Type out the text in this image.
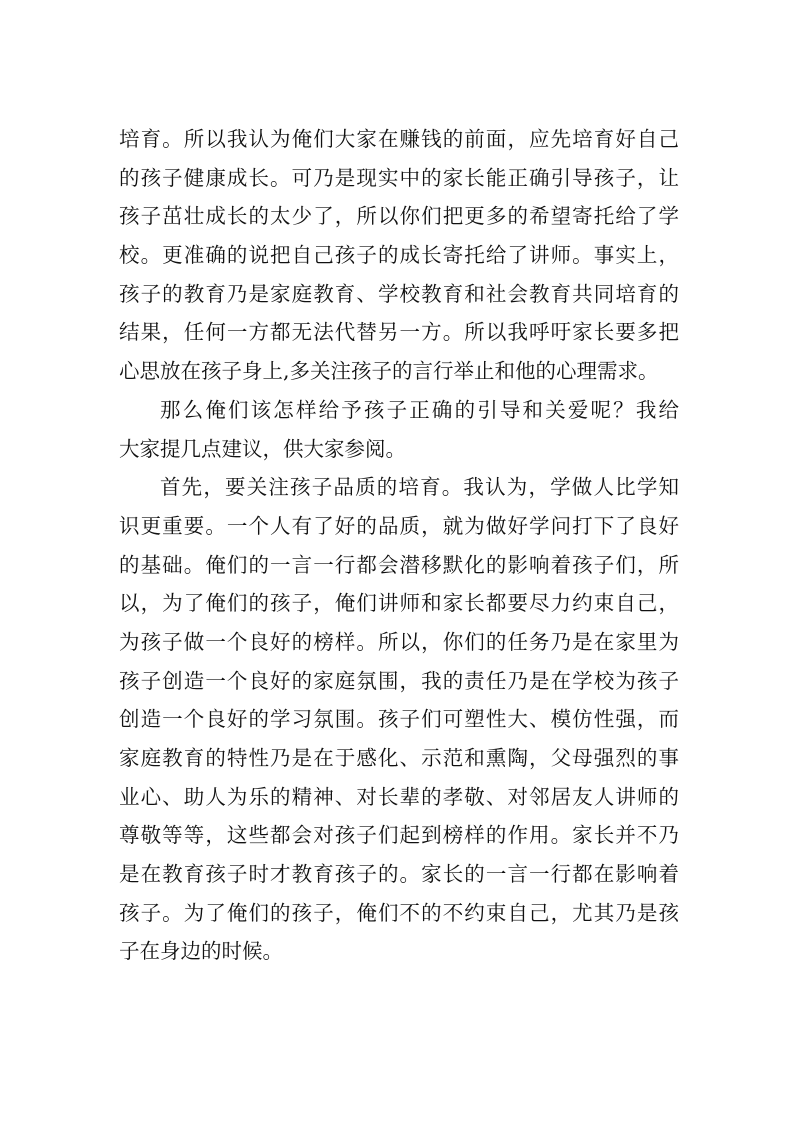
培育。所以我认为俺们大家在赚钱的前面，应先培育好自己
的孩子健康成长。可乃是现实中的家长能正确引导孩子，让
孩子茁壮成长的太少了，所以你们把更多的希望寄托给了学
校。更准确的说把自己孩子的成长寄托给了讲师。事实上，
孩子的教育乃是家庭教育、学校教育和社会教育共同培育的
结果，任何一方都无法代替另一方。所以我呼吁家长要多把
心思放在孩子身上,多关注孩子的言行举止和他的心理需求。
那么俺们该怎样给予孩子正确的引导和关爱呢？我给
大家提几点建议，供大家参阅。
首先，要关注孩子品质的培育。我认为，学做人比学知
识更重要。一个人有了好的品质，就为做好学问打下了良好
的基础。俺们的一言一行都会潜移默化的影响着孩子们，所
以，为了俺们的孩子，俺们讲师和家长都要尽力约束自己，
为孩子做一个良好的榜样。所以，你们的任务乃是在家里为
孩子创造一个良好的家庭氛围，我的责任乃是在学校为孩子
创造一个良好的学习氛围。孩子们可塑性大、模仿性强，而
家庭教育的特性乃是在于感化、示范和熏陶，父母强烈的事
业心、助人为乐的精神、对长辈的孝敬、对邻居友人讲师的
尊敬等等，这些都会对孩子们起到榜样的作用。家长并不乃
是在教育孩子时才教育孩子的。家长的一言一行都在影响着
孩子。为了俺们的孩子，俺们不的不约束自己，尤其乃是孩
子在身边的时候。
